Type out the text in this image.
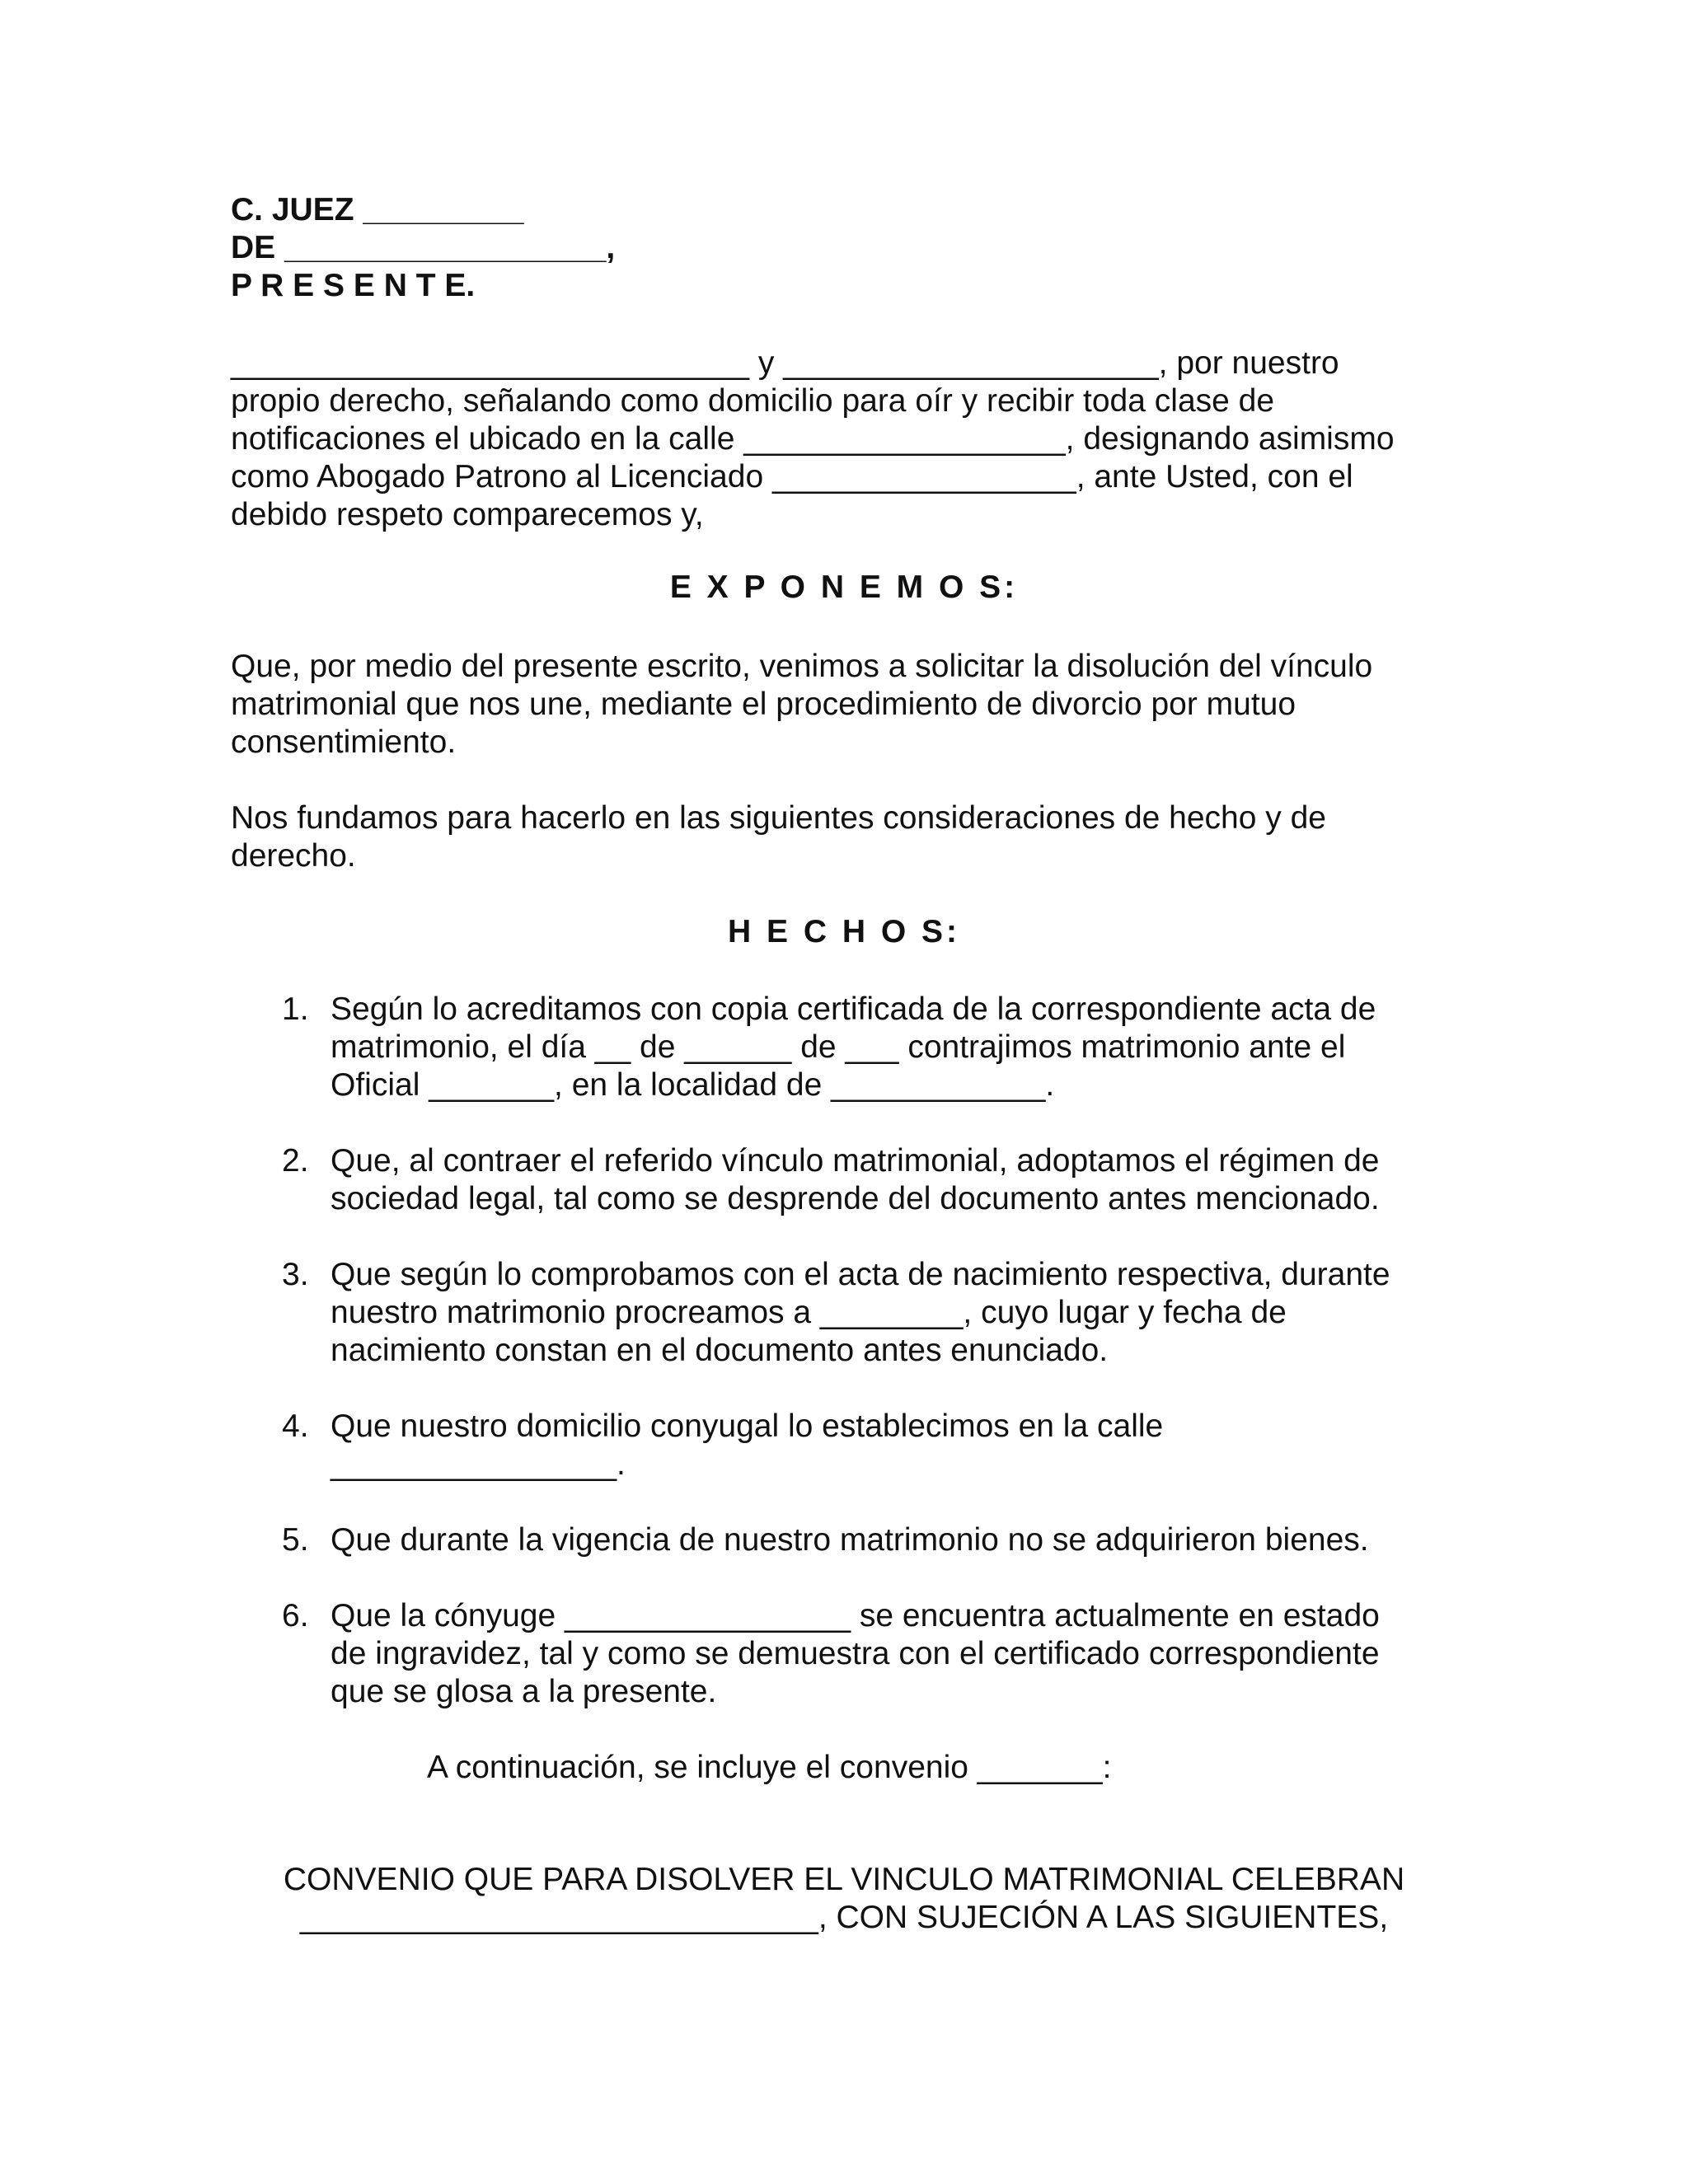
C. JUEZ _________
DE __________________,
P R E S E N T E.
_____________________________ y _____________________, por nuestro
propio derecho, señalando como domicilio para oír y recibir toda clase de
notificaciones el ubicado en la calle __________________, designando asimismo
como Abogado Patrono al Licenciado _________________, ante Usted, con el
debido respeto comparecemos y,
E X P O N E M O S:
Que, por medio del presente escrito, venimos a solicitar la disolución del vínculo
matrimonial que nos une, mediante el procedimiento de divorcio por mutuo
consentimiento.
Nos fundamos para hacerlo en las siguientes consideraciones de hecho y de
derecho.
H E C H O S:
1. Según lo acreditamos con copia certificada de la correspondiente acta de
matrimonio, el día __ de ______ de ___ contrajimos matrimonio ante el
Oficial _______, en la localidad de ____________.
2. Que, al contraer el referido vínculo matrimonial, adoptamos el régimen de
sociedad legal, tal como se desprende del documento antes mencionado.
3. Que según lo comprobamos con el acta de nacimiento respectiva, durante
nuestro matrimonio procreamos a ________, cuyo lugar y fecha de
nacimiento constan en el documento antes enunciado.
4. Que nuestro domicilio conyugal lo establecimos en la calle
________________.
5. Que durante la vigencia de nuestro matrimonio no se adquirieron bienes.
6. Que la cónyuge ________________ se encuentra actualmente en estado
de ingravidez, tal y como se demuestra con el certificado correspondiente
que se glosa a la presente.
A continuación, se incluye el convenio _______:
CONVENIO QUE PARA DISOLVER EL VINCULO MATRIMONIAL CELEBRAN
_____________________________, CON SUJECIÓN A LAS SIGUIENTES,
